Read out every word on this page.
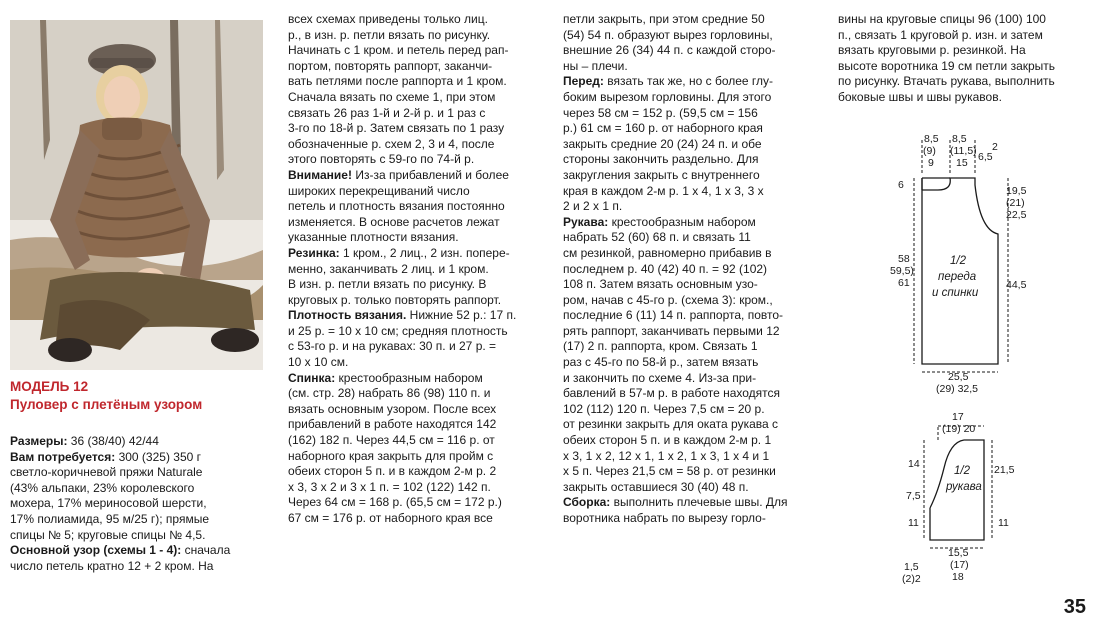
МОДЕЛЬ 12
Пуловер с плетёным узором

Размеры: 36 (38/40) 42/44

Вам потребуется: 300 (325) 350 г

светло-коричневой пряжи Naturale

(43% альпаки, 23% королевского

мохера, 17% мериносовой шерсти,

17% полиамида, 95 м/25 г); прямые

спицы № 5; круговые спицы № 4,5.

Основной узор (схемы 1 - 4): сначала

число петель кратно 12 + 2 кром. На

всех схемах приведены только лиц.

р., в изн. р. петли вязать по рисунку.

Начинать с 1 кром. и петель перед рап-

портом, повторять раппорт, заканчи-

вать петлями после раппорта и 1 кром.

Сначала вязать по схеме 1, при этом

связать 26 раз 1-й и 2-й р. и 1 раз с

3-го по 18-й р. Затем связать по 1 разу

обозначенные р. схем 2, 3 и 4, после

этого повторять с 59-го по 74-й р.

Внимание! Из-за прибавлений и более

широких перекрещиваний число

петель и плотность вязания постоянно

изменяется. В основе расчетов лежат

указанные плотности вязания.

Резинка: 1 кром., 2 лиц., 2 изн. попере-

менно, заканчивать 2 лиц. и 1 кром.

В изн. р. петли вязать по рисунку. В

круговых р. только повторять раппорт.

Плотность вязания. Нижние 52 р.: 17 п.

и 25 р. = 10 х 10 см; средняя плотность

с 53-го р. и на рукавах: 30 п. и 27 р. =

10 х 10 см.

Спинка: крестообразным набором

(см. стр. 28) набрать 86 (98) 110 п. и

вязать основным узором. После всех

прибавлений в работе находятся 142

(162) 182 п. Через 44,5 см = 116 р. от

наборного края закрыть для пройм с

обеих сторон 5 п. и в каждом 2-м р. 2

х 3, 3 х 2 и 3 х 1 п. = 102 (122) 142 п.

Через 64 см = 168 р. (65,5 см = 172 р.)

67 см = 176 р. от наборного края все

петли закрыть, при этом средние 50

(54) 54 п. образуют вырез горловины,

внешние 26 (34) 44 п. с каждой сторо-

ны – плечи.

Перед: вязать так же, но с более глу-

боким вырезом горловины. Для этого

через 58 см = 152 р. (59,5 см = 156

р.) 61 см = 160 р. от наборного края

закрыть средние 20 (24) 24 п. и обе

стороны закончить раздельно. Для

закругления закрыть с внутреннего

края в каждом 2-м р. 1 х 4, 1 х 3, 3 х

2 и 2 х 1 п.

Рукава: крестообразным набором

набрать 52 (60) 68 п. и связать 11

см резинкой, равномерно прибавив в

последнем р. 40 (42) 40 п. = 92 (102)

108 п. Затем вязать основным узо-

ром, начав с 45-го р. (схема 3): кром.,

последние 6 (11) 14 п. раппорта, повто-

рять раппорт, заканчивать первыми 12

(17) 2 п. раппорта, кром. Связать 1

раз с 45-го по 58-й р., затем вязать

и закончить по схеме 4. Из-за при-

бавлений в 57-м р. в работе находятся

102 (112) 120 п. Через 7,5 см = 20 р.

от резинки закрыть для оката рукава с

обеих сторон 5 п. и в каждом 2-м р. 1

х 3, 1 х 2, 12 х 1, 1 х 2, 1 х 3, 1 х 4 и 1

х 5 п. Через 21,5 см = 58 р. от резинки

закрыть оставшиеся 30 (40) 48 п.

Сборка: выполнить плечевые швы. Для

воротника набрать по вырезу горло-

вины на круговые спицы 96 (100) 100

п., связать 1 круговой р. изн. и затем

вязать круговыми р. резинкой. На

высоте воротника 19 см петли закрыть

по рисунку. Втачать рукава, выполнить

боковые швы и швы рукавов.

8,5
(9)
9
8,5
(11,5)
15 6,5
2
6	19,5
(21)
22,5
58
59,5)
61
1/2
переда
и спинки
44,5
25,5
(29) 32,5
17
(19) 20
14
7,5
11
1/2
рукава
21,5
11
15,5
(17)
18
1,5
(2)2
35
